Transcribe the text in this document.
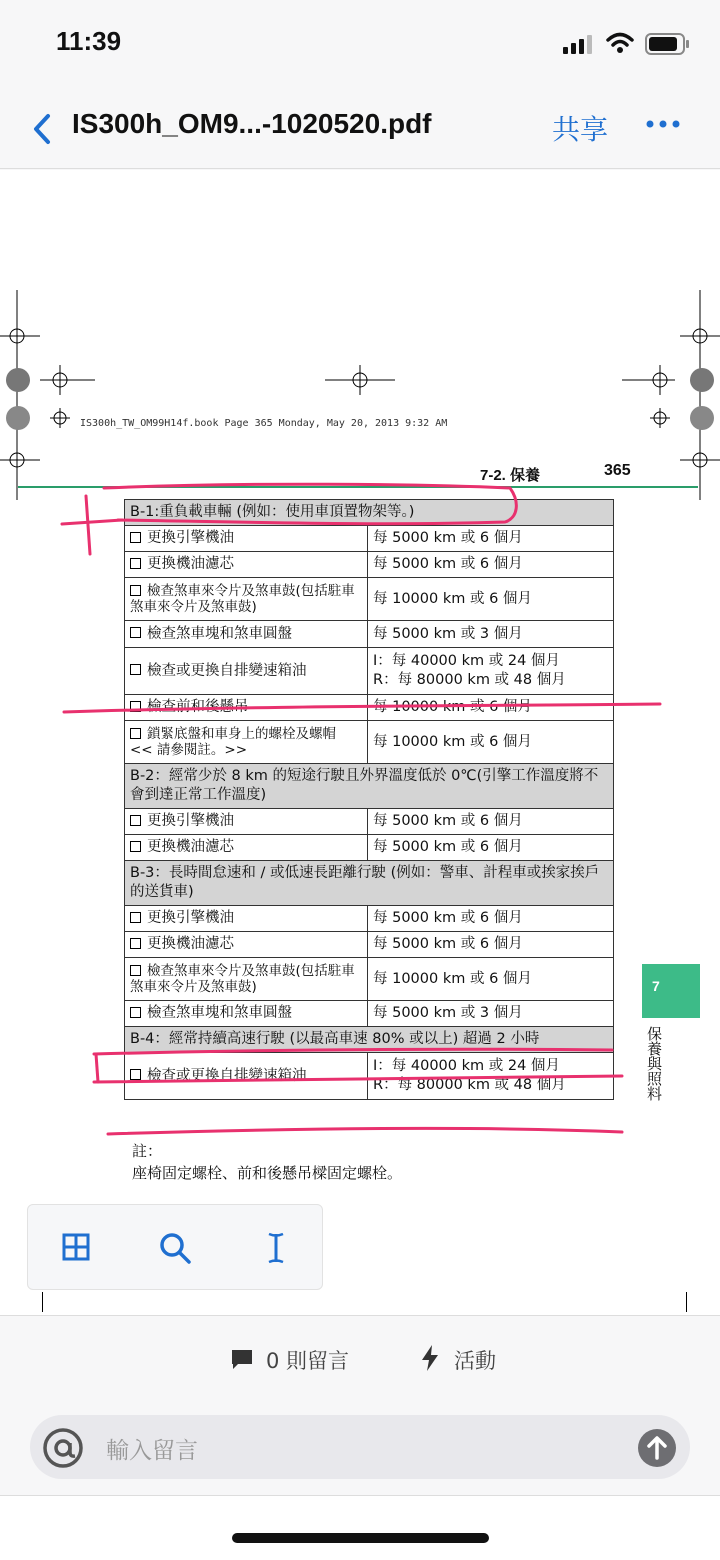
11:39
IS300h_OM9...-1020520.pdf	共享
IS300h_TW_OM99H14f.book Page 365 Monday, May 20, 2013 9:32 AM
7-2. 保養	365
B-1:重負載車輛 (例如：使用車頂置物架等。)	
更換引擎機油	每 5000 km 或 6 個月
更換機油濾芯	每 5000 km 或 6 個月
檢查煞車來令片及煞車鼓(包括駐車煞車來令片及煞車鼓)	每 10000 km 或 6 個月
檢查煞車塊和煞車圓盤	每 5000 km 或 3 個月
檢查或更換自排變速箱油	I：每 40000 km 或 24 個月
R：每 80000 km 或 48 個月

檢查前和後懸吊	每 10000 km 或 6 個月
鎖緊底盤和車身上的螺栓及螺帽 << 請參閱註。>>	每 10000 km 或 6 個月
B-2：經常少於 8 km 的短途行駛且外界溫度低於 0℃(引擎工作溫度將不會到達正常工作溫度)	
更換引擎機油	每 5000 km 或 6 個月
更換機油濾芯	每 5000 km 或 6 個月
B-3：長時間怠速和 / 或低速長距離行駛 (例如：警車、計程車或挨家挨戶的送貨車)	
更換引擎機油	每 5000 km 或 6 個月
更換機油濾芯	每 5000 km 或 6 個月
檢查煞車來令片及煞車鼓(包括駐車煞車來令片及煞車鼓)	每 10000 km 或 6 個月
檢查煞車塊和煞車圓盤	每 5000 km 或 3 個月
B-4：經常持續高速行駛 (以最高車速 80% 或以上) 超過 2 小時	
檢查或更換自排變速箱油	I：每 40000 km 或 24 個月
R：每 80000 km 或 48 個月
7
保養與照料
註：
座椅固定螺栓、前和後懸吊樑固定螺栓。
0 則留言	活動
輸入留言
